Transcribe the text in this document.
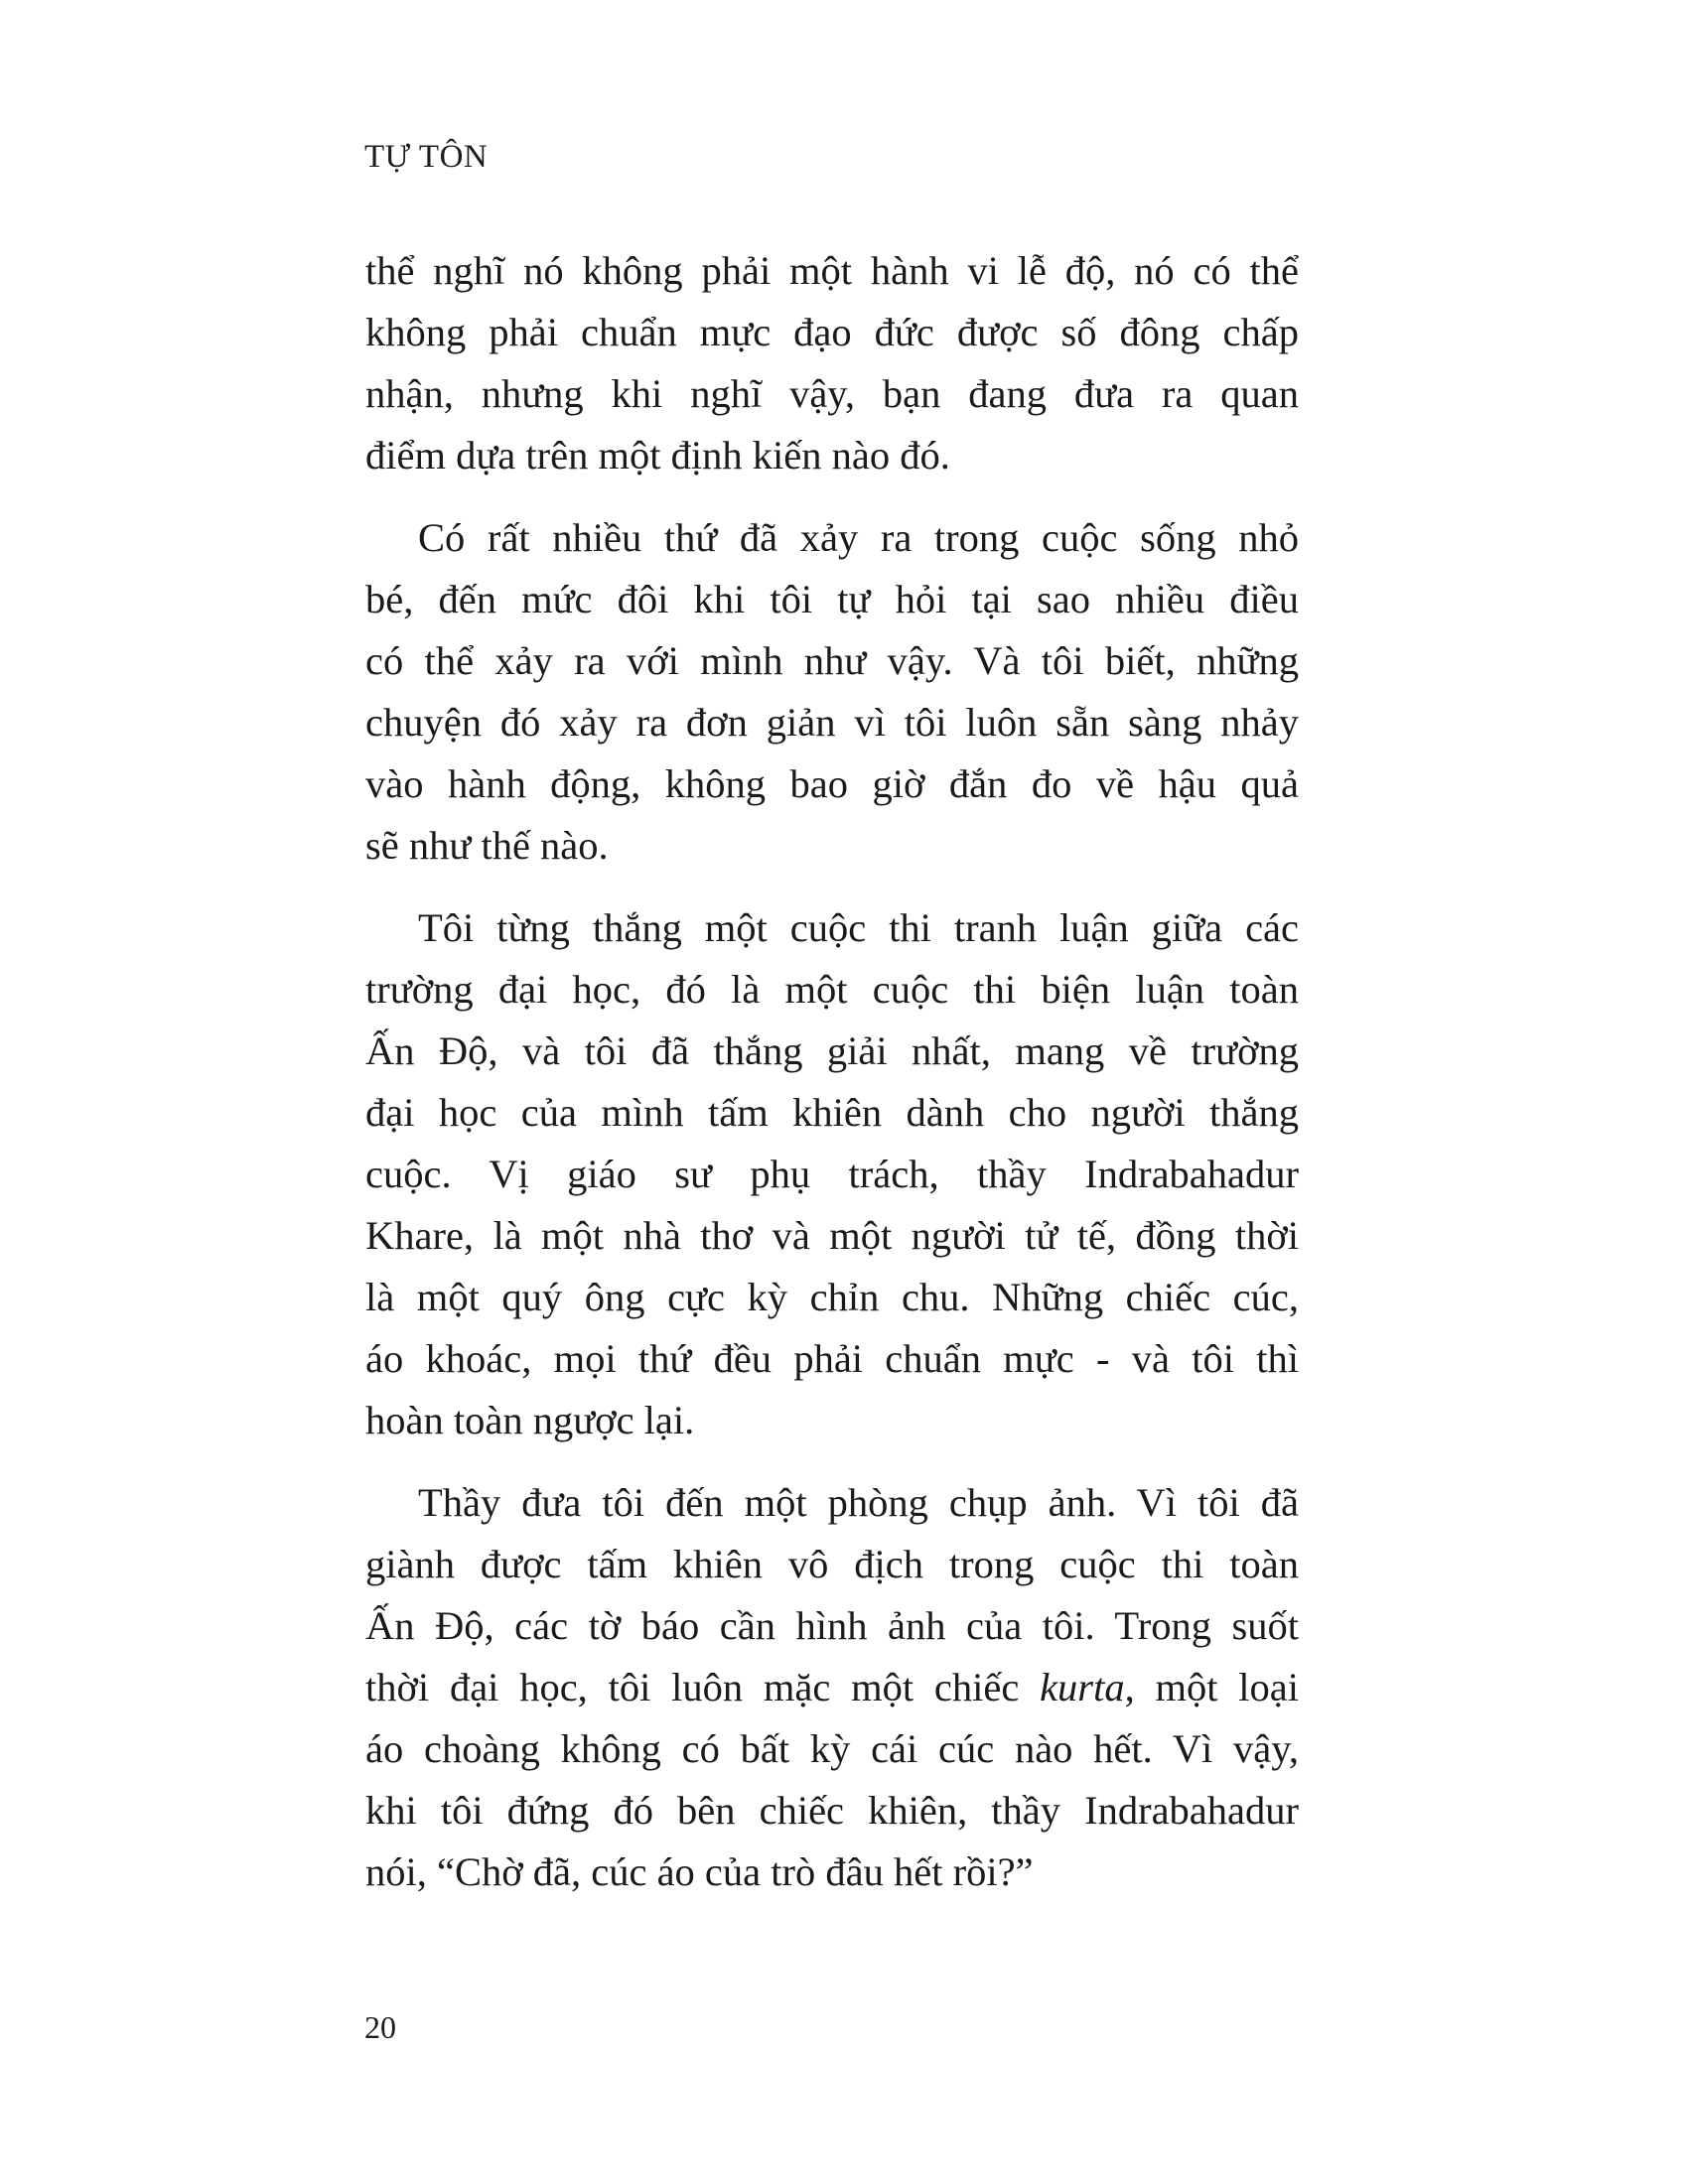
TỰ TÔN
thể nghĩ nó không phải một hành vi lễ độ, nó có thể
không phải chuẩn mực đạo đức được số đông chấp
nhận, nhưng khi nghĩ vậy, bạn đang đưa ra quan
điểm dựa trên một định kiến nào đó.
Có rất nhiều thứ đã xảy ra trong cuộc sống nhỏ
bé, đến mức đôi khi tôi tự hỏi tại sao nhiều điều
có thể xảy ra với mình như vậy. Và tôi biết, những
chuyện đó xảy ra đơn giản vì tôi luôn sẵn sàng nhảy
vào hành động, không bao giờ đắn đo về hậu quả
sẽ như thế nào.
Tôi từng thắng một cuộc thi tranh luận giữa các
trường đại học, đó là một cuộc thi biện luận toàn
Ấn Độ, và tôi đã thắng giải nhất, mang về trường
đại học của mình tấm khiên dành cho người thắng
cuộc. Vị giáo sư phụ trách, thầy Indrabahadur
Khare, là một nhà thơ và một người tử tế, đồng thời
là một quý ông cực kỳ chỉn chu. Những chiếc cúc,
áo khoác, mọi thứ đều phải chuẩn mực - và tôi thì
hoàn toàn ngược lại.
Thầy đưa tôi đến một phòng chụp ảnh. Vì tôi đã
giành được tấm khiên vô địch trong cuộc thi toàn
Ấn Độ, các tờ báo cần hình ảnh của tôi. Trong suốt
thời đại học, tôi luôn mặc một chiếc kurta, một loại
áo choàng không có bất kỳ cái cúc nào hết. Vì vậy,
khi tôi đứng đó bên chiếc khiên, thầy Indrabahadur
nói, “Chờ đã, cúc áo của trò đâu hết rồi?”
20
